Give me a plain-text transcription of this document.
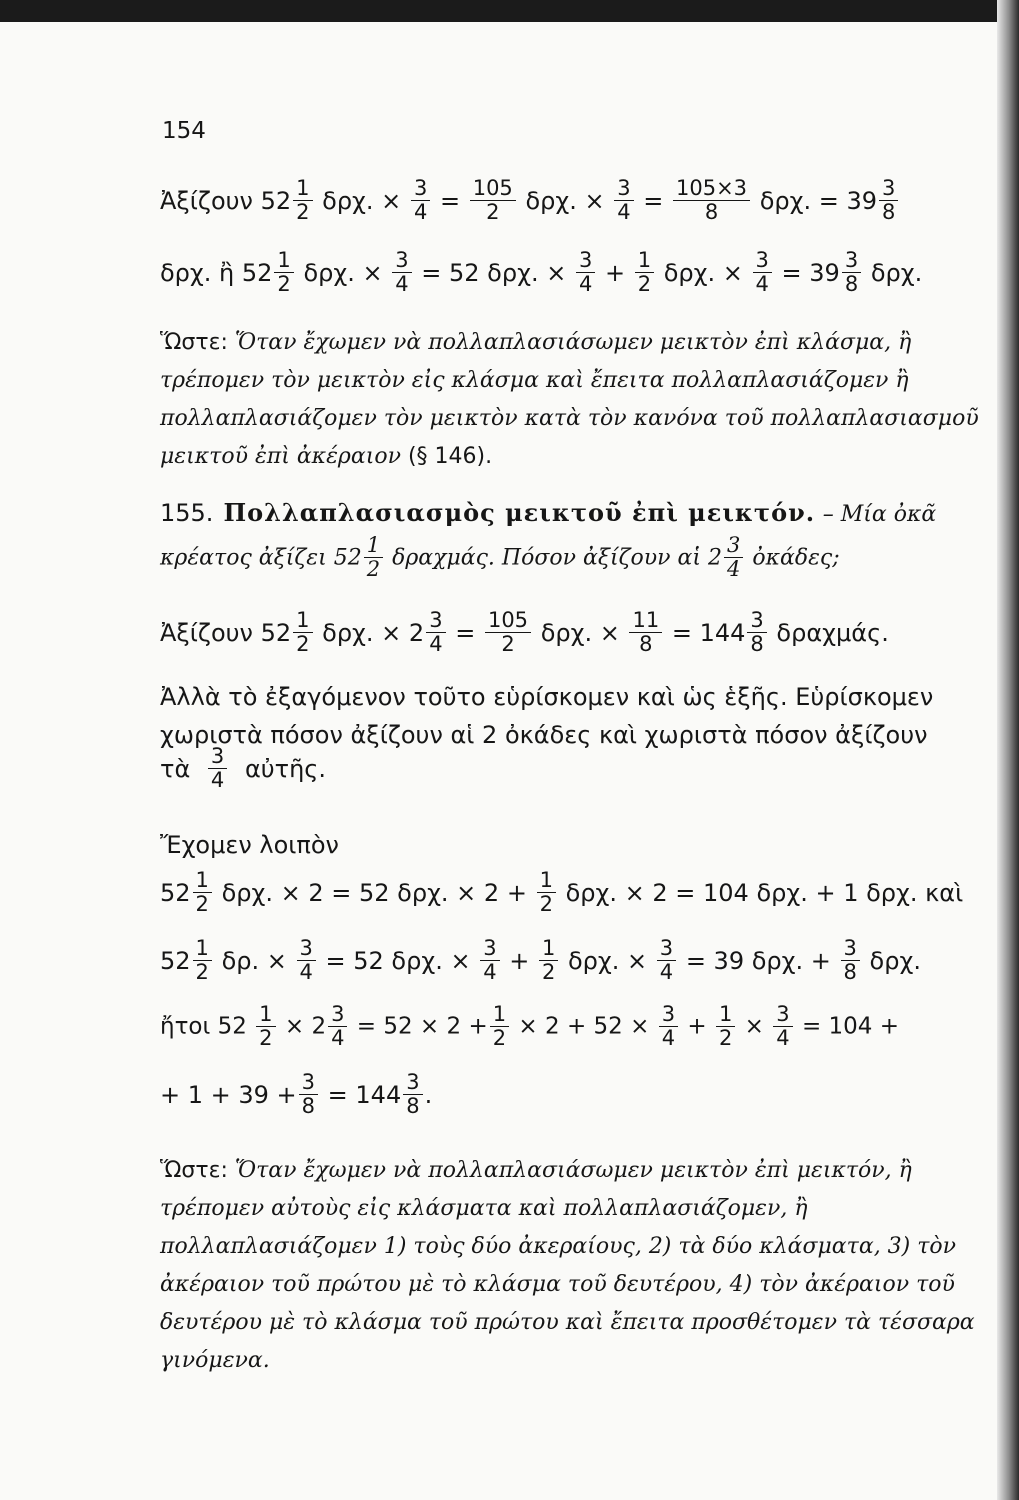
154
Ἀξίζουν $52 \frac{1}{2} \delta\rho\chi$. × $\frac{3}{4} = \frac{105}{2} \delta\rho\chi$. × $\frac{3}{4} = \frac{105\times 3}{8} \delta\rho\chi$. = $39 \frac{3}{8}$
δρχ. ἢ $52 \frac{1}{2} \delta\rho\chi$. × $\frac{3}{4} = 52$ δρχ. × $\frac{3}{4} + \frac{1}{2} \delta\rho\chi$. × $\frac{3}{4} = 39 \frac{3}{8} \delta\rho\chi$.
Ὥστε: Ὅταν ἔχωμεν νὰ πολλαπλασιάσωμεν μεικτὸν ἐπὶ κλάσμα, ἢ τρέπομεν τὸν μεικτὸν εἰς κλάσμα καὶ ἔπειτα πολλαπλασιάζομεν ἢ πολλαπλασιάζομεν τὸν μεικτὸν κατὰ τὸν κανόνα τοῦ πολλαπλασιασμοῦ μεικτοῦ ἐπὶ ἀκέραιον (§ 146).
155. Πολλαπλασιασμὸς μεικτοῦ ἐπὶ μεικτόν. – Μία ὀκᾶ
κρέατος ἀξίζει $52 \frac{1}{2} \delta\rho\alpha\chi\mu ά\varsigma$. Πόσον ἀξίζουν αἱ $2 \frac{3}{4}$ ὀκάδες;
Ἀξίζουν $52 \frac{1}{2} \delta\rho\chi$. × $2 \frac{3}{4} = \frac{105}{2} \delta\rho\chi$. × $\frac{11}{8} = 144 \frac{3}{8} \delta\rho\alpha\chi\mu ά\varsigma$.
Ἀλλὰ τὸ ἐξαγόμενον τοῦτο εὑρίσκομεν καὶ ὡς ἑξῆς. Εὑρίσκομεν χωριστὰ πόσον ἀξίζουν αἱ 2 ὀκάδες καὶ χωριστὰ πόσον ἀξίζουν
τὰ $\frac{3}{4}$ αὐτῆς.
Ἔχομεν λοιπὸν
$52 \frac{1}{2} \delta\rho\chi$. × 2 = 52 δρχ. × $2 + \frac{1}{2} \delta\rho\chi$. × 2 = 104 δρχ. + 1 δρχ. καὶ
$52 \frac{1}{2} \delta\rho$. × $\frac{3}{4} = 52$ δρχ. × $\frac{3}{4} + \frac{1}{2} \delta\rho\chi$. × $\frac{3}{4} = 39$ δρχ. + $\frac{3}{8} \delta\rho\chi$.
ἤτοι $52 \frac{1}{2} \times 2 \frac{3}{4} = 52 \times 2 + \frac{1}{2} \times 2 + 52 \times \frac{3}{4} + \frac{1}{2} \times \frac{3}{4} = 104$ +
+ $1 + 39 + \frac{3}{8} = 144 \frac{3}{8}$ .
Ὥστε: Ὅταν ἔχωμεν νὰ πολλαπλασιάσωμεν μεικτὸν ἐπὶ μεικτόν, ἢ τρέπομεν αὐτοὺς εἰς κλάσματα καὶ πολλαπλασιάζομεν, ἢ πολλαπλασιάζομεν 1) τοὺς δύο ἀκεραίους, 2) τὰ δύο κλάσματα, 3) τὸν ἀκέραιον τοῦ πρώτου μὲ τὸ κλάσμα τοῦ δευτέρου, 4) τὸν ἀκέραιον τοῦ δευτέρου μὲ τὸ κλάσμα τοῦ πρώτου καὶ ἔπειτα προσθέτομεν τὰ τέσσαρα γινόμενα.
